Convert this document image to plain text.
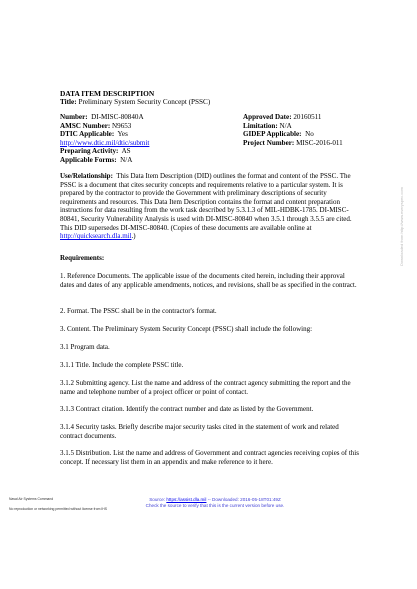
DATA ITEM DESCRIPTION
Title: Preliminary System Security Concept (PSSC)
Number: DI-MISC-80840A
AMSC Number: N9653
DTIC Applicable: Yes
http://www.dtic.mil/dtic/submit
Preparing Activity: AS
Applicable Forms: N/A
Approved Date: 20160511
Limitation: N/A
GIDEP Applicable: No
Project Number: MISC-2016-011
Use/Relationship: This Data Item Description (DID) outlines the format and content of the PSSC. The PSSC is a document that cites security concepts and requirements relative to a particular system. It is prepared by the contractor to provide the Government with preliminary descriptions of security requirements and resources. This Data Item Description contains the format and content preparation instructions for data resulting from the work task described by 5.3.1.3 of MIL-HDBK-1785. DI-MISC-80841, Security Vulnerability Analysis is used with DI-MISC-80840 when 3.5.1 through 3.5.5 are cited. This DID supersedes DI-MISC-80840. (Copies of these documents are available online at http://quicksearch.dla.mil.)
Requirements:
1. Reference Documents. The applicable issue of the documents cited herein, including their approval dates and dates of any applicable amendments, notices, and revisions, shall be as specified in the contract.
2. Format. The PSSC shall be in the contractor's format.
3. Content. The Preliminary System Security Concept (PSSC) shall include the following:
3.1 Program data.
3.1.1 Title. Include the complete PSSC title.
3.1.2 Submitting agency. List the name and address of the contract agency submitting the report and the name and telephone number of a project officer or point of contact.
3.1.3 Contract citation. Identify the contract number and date as listed by the Government.
3.1.4 Security tasks. Briefly describe major security tasks cited in the statement of work and related contract documents.
3.1.5 Distribution. List the name and address of Government and contract agencies receiving copies of this concept. If necessary list them in an appendix and make reference to it here.
Downloaded from http://www.everyspec.com
Naval Air Systems Command
No reproduction or networking permitted without license from IHS
Source: https://assist.dla.mil -- Downloaded: 2016-05-18T01:49Z
Check the source to verify that this is the current version before use.
